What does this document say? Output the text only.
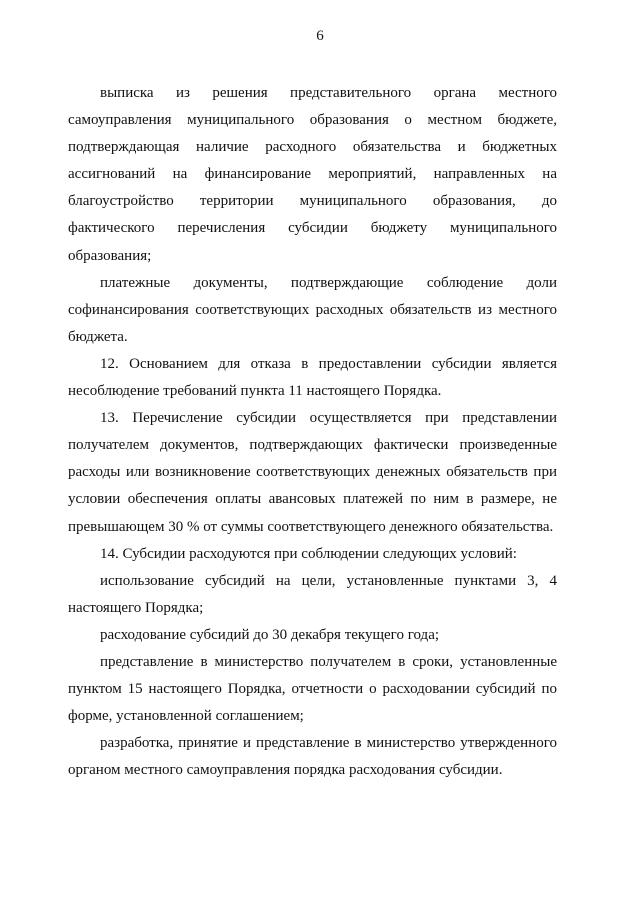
6

выписка из решения представительного органа местного самоуправления муниципального образования о местном бюджете, подтверждающая наличие расходного обязательства и бюджетных ассигнований на финансирование мероприятий, направленных на благоустройство территории муниципального образования, до фактического перечисления субсидии бюджету муниципального образования;

платежные документы, подтверждающие соблюдение доли софинансирования соответствующих расходных обязательств из местного бюджета.

12. Основанием для отказа в предоставлении субсидии является несоблюдение требований пункта 11 настоящего Порядка.

13. Перечисление субсидии осуществляется при представлении получателем документов, подтверждающих фактически произведенные расходы или возникновение соответствующих денежных обязательств при условии обеспечения оплаты авансовых платежей по ним в размере, не превышающем 30 % от суммы соответствующего денежного обязательства.

14. Субсидии расходуются при соблюдении следующих условий:

использование субсидий на цели, установленные пунктами 3, 4 настоящего Порядка;

расходование субсидий до 30 декабря текущего года;

представление в министерство получателем в сроки, установленные пунктом 15 настоящего Порядка, отчетности о расходовании субсидий по форме, установленной соглашением;

разработка, принятие и представление в министерство утвержденного органом местного самоуправления порядка расходования субсидии.
